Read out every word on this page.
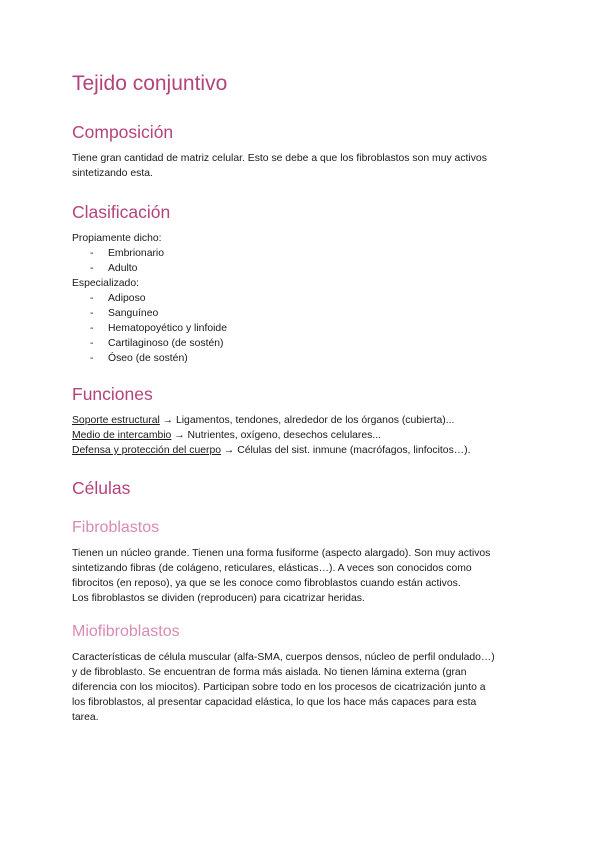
Tejido conjuntivo
Composición
Tiene gran cantidad de matriz celular. Esto se debe a que los fibroblastos son muy activos
sintetizando esta.
Clasificación
Propiamente dicho:
- Embrionario
- Adulto
Especializado:
- Adiposo
- Sanguíneo
- Hematopoyético y linfoide
- Cartilaginoso (de sostén)
- Óseo (de sostén)
Funciones
Soporte estructural → Ligamentos, tendones, alrededor de los órganos (cubierta)...
Medio de intercambio → Nutrientes, oxígeno, desechos celulares...
Defensa y protección del cuerpo → Células del sist. inmune (macrófagos, linfocitos…).
Células
Fibroblastos
Tienen un núcleo grande. Tienen una forma fusiforme (aspecto alargado). Son muy activos
sintetizando fibras (de colágeno, reticulares, elásticas…). A veces son conocidos como
fibrocitos (en reposo), ya que se les conoce como fibroblastos cuando están activos.
Los fibroblastos se dividen (reproducen) para cicatrizar heridas.
Miofibroblastos
Características de célula muscular (alfa-SMA, cuerpos densos, núcleo de perfil ondulado…)
y de fibroblasto. Se encuentran de forma más aislada. No tienen lámina externa (gran
diferencia con los miocitos). Participan sobre todo en los procesos de cicatrización junto a
los fibroblastos, al presentar capacidad elástica, lo que los hace más capaces para esta
tarea.
